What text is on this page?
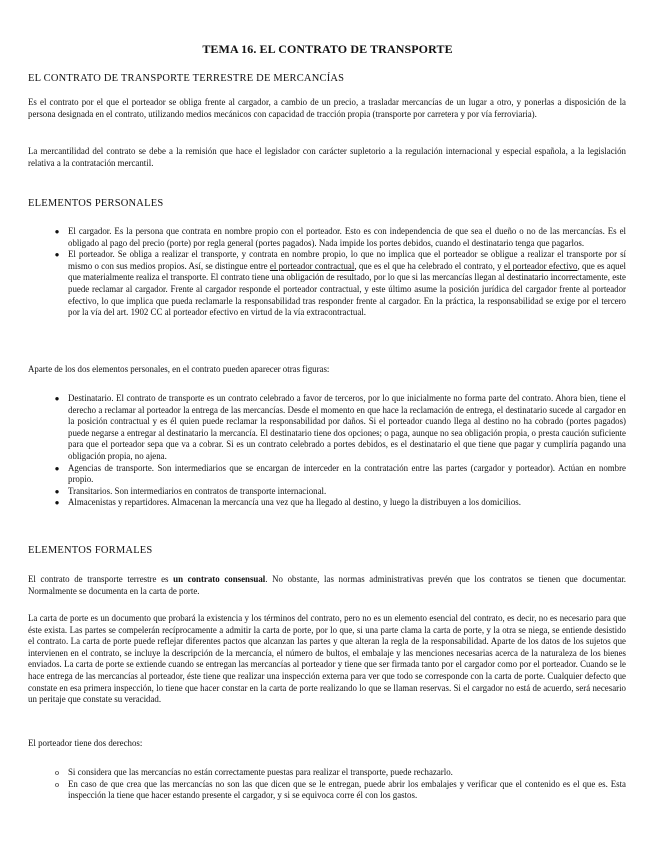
TEMA 16. EL CONTRATO DE TRANSPORTE
EL CONTRATO DE TRANSPORTE TERRESTRE DE MERCANCÍAS
Es el contrato por el que el porteador se obliga frente al cargador, a cambio de un precio, a trasladar mercancías de un lugar a otro, y ponerlas a disposición de la persona designada en el contrato, utilizando medios mecánicos con capacidad de tracción propia (transporte por carretera y por vía ferroviaria).
La mercantilidad del contrato se debe a la remisión que hace el legislador con carácter supletorio a la regulación internacional y especial española, a la legislación relativa a la contratación mercantil.
ELEMENTOS PERSONALES
● El cargador. Es la persona que contrata en nombre propio con el porteador. Esto es con independencia de que sea el dueño o no de las mercancías. Es el obligado al pago del precio (porte) por regla general (portes pagados). Nada impide los portes debidos, cuando el destinatario tenga que pagarlos.
● El porteador. Se obliga a realizar el transporte, y contrata en nombre propio, lo que no implica que el porteador se obligue a realizar el transporte por sí mismo o con sus medios propios. Así, se distingue entre el porteador contractual, que es el que ha celebrado el contrato, y el porteador efectivo, que es aquel que materialmente realiza el transporte. El contrato tiene una obligación de resultado, por lo que si las mercancías llegan al destinatario incorrectamente, este puede reclamar al cargador. Frente al cargador responde el porteador contractual, y este último asume la posición jurídica del cargador frente al porteador efectivo, lo que implica que pueda reclamarle la responsabilidad tras responder frente al cargador. En la práctica, la responsabilidad se exige por el tercero por la vía del art. 1902 CC al porteador efectivo en virtud de la vía extracontractual.
Aparte de los dos elementos personales, en el contrato pueden aparecer otras figuras:
● Destinatario. El contrato de transporte es un contrato celebrado a favor de terceros, por lo que inicialmente no forma parte del contrato. Ahora bien, tiene el derecho a reclamar al porteador la entrega de las mercancías. Desde el momento en que hace la reclamación de entrega, el destinatario sucede al cargador en la posición contractual y es él quien puede reclamar la responsabilidad por daños. Si el porteador cuando llega al destino no ha cobrado (portes pagados) puede negarse a entregar al destinatario la mercancía. El destinatario tiene dos opciones; o paga, aunque no sea obligación propia, o presta caución suficiente para que el porteador sepa que va a cobrar. Si es un contrato celebrado a portes debidos, es el destinatario el que tiene que pagar y cumpliría pagando una obligación propia, no ajena.
● Agencias de transporte. Son intermediarios que se encargan de interceder en la contratación entre las partes (cargador y porteador). Actúan en nombre propio.
● Transitarios. Son intermediarios en contratos de transporte internacional.
● Almacenistas y repartidores. Almacenan la mercancía una vez que ha llegado al destino, y luego la distribuyen a los domicilios.
ELEMENTOS FORMALES
El contrato de transporte terrestre es un contrato consensual. No obstante, las normas administrativas prevén que los contratos se tienen que documentar. Normalmente se documenta en la carta de porte.
La carta de porte es un documento que probará la existencia y los términos del contrato, pero no es un elemento esencial del contrato, es decir, no es necesario para que éste exista. Las partes se compelerán recíprocamente a admitir la carta de porte, por lo que, si una parte clama la carta de porte, y la otra se niega, se entiende desistido el contrato. La carta de porte puede reflejar diferentes pactos que alcanzan las partes y que alteran la regla de la responsabilidad. Aparte de los datos de los sujetos que intervienen en el contrato, se incluye la descripción de la mercancía, el número de bultos, el embalaje y las menciones necesarias acerca de la naturaleza de los bienes enviados. La carta de porte se extiende cuando se entregan las mercancías al porteador y tiene que ser firmada tanto por el cargador como por el porteador. Cuando se le hace entrega de las mercancías al porteador, éste tiene que realizar una inspección externa para ver que todo se corresponde con la carta de porte. Cualquier defecto que constate en esa primera inspección, lo tiene que hacer constar en la carta de porte realizando lo que se llaman reservas. Si el cargador no está de acuerdo, será necesario un peritaje que constate su veracidad.
El porteador tiene dos derechos:
o	Si considera que las mercancías no están correctamente puestas para realizar el transporte, puede rechazarlo.
o	En caso de que crea que las mercancías no son las que dicen que se le entregan, puede abrir los embalajes y verificar que el contenido es el que es. Esta inspección la tiene que hacer estando presente el cargador, y si se equivoca corre él con los gastos.
